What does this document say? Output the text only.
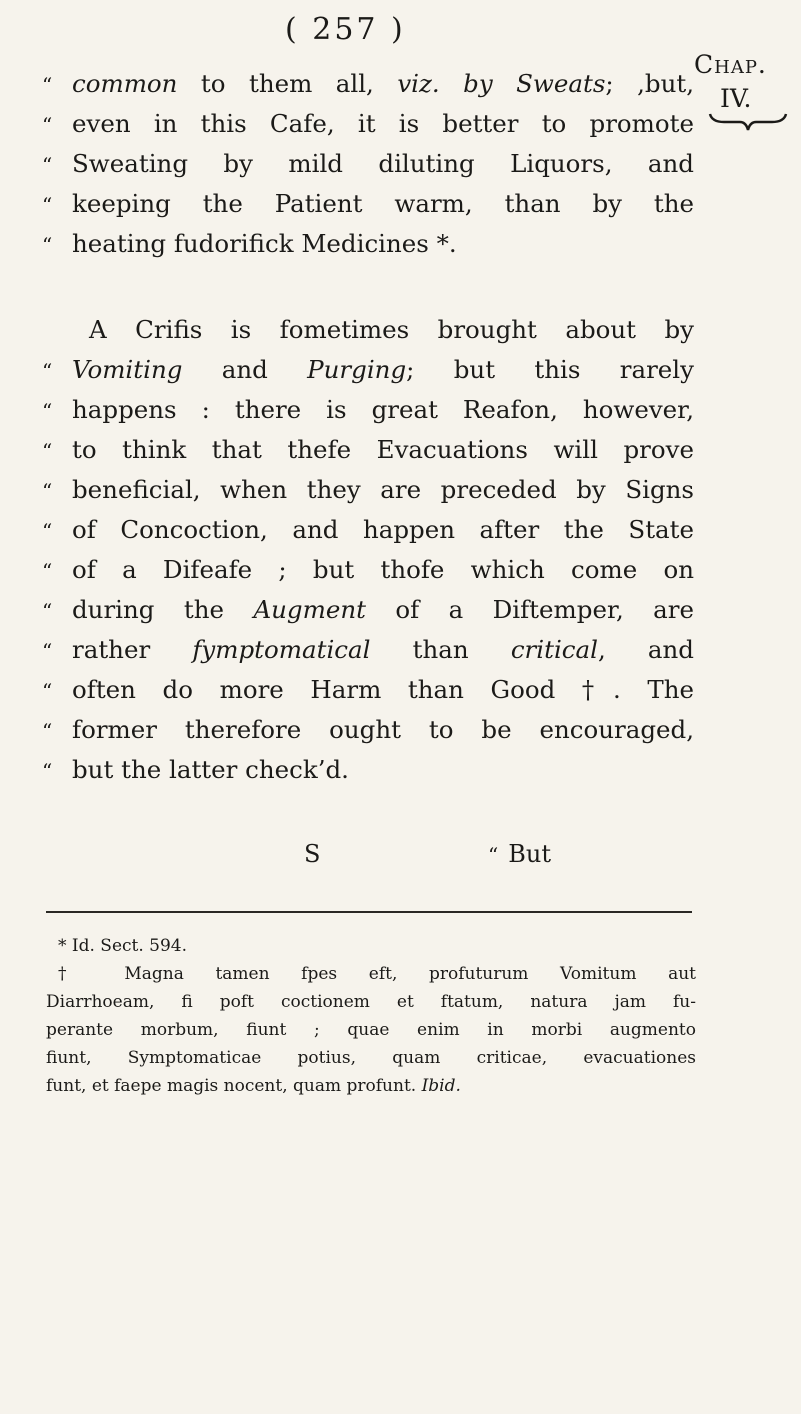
( 257 )
Chap.
IV.
“ common to them all, viz. by Sweats; ,but,
“ even in this Cafe, it is better to promote
“ Sweating by mild diluting Liquors, and
“ keeping the Patient warm, than by the
“ heating fudorifick Medicines *.
A Crifis is fometimes brought about by
“ Vomiting and Purging; but this rarely
“ happens : there is great Reafon, however,
“ to think that thefe Evacuations will prove
“ beneficial, when they are preceded by Signs
“ of Concoction, and happen after the State
“ of a Difeafe ; but thofe which come on
“ during the Augment of a Diftemper, are
“ rather fymptomatical than critical, and
“ often do more Harm than Good †. The
“ former therefore ought to be encouraged,
“ but the latter check’d.
S	“ But
* Id. Sect. 594.
† Magna tamen fpes eft, profuturum Vomitum aut
Diarrhoeam, fi poft coctionem et ftatum, natura jam fu-
perante morbum, fiunt ; quae enim in morbi augmento
fiunt, Symptomaticae potius, quam criticae, evacuationes
funt, et faepe magis nocent, quam profunt. Ibid.
